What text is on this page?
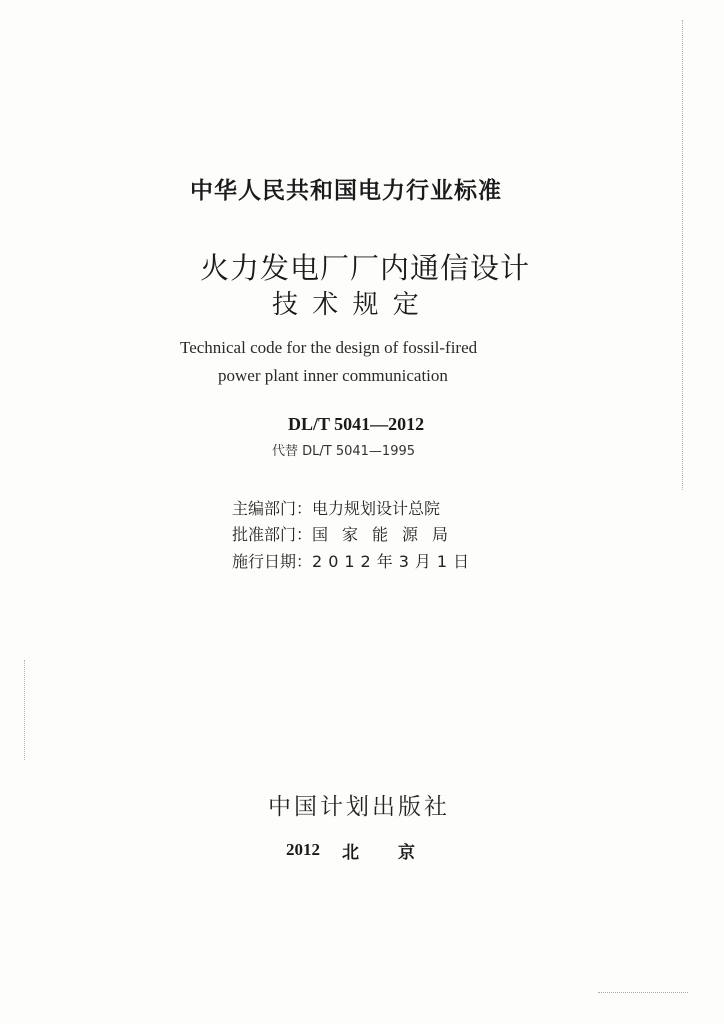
中华人民共和国电力行业标准
火力发电厂厂内通信设计
技 术 规 定
Technical code for the design of fossil-fired
power plant inner communication
DL/T 5041—2012
代替 DL/T 5041—1995
主编部门：电力规划设计总院
批准部门：国家能源局
施行日期：2012年3月1日
中国计划出版社
2012 北 京
